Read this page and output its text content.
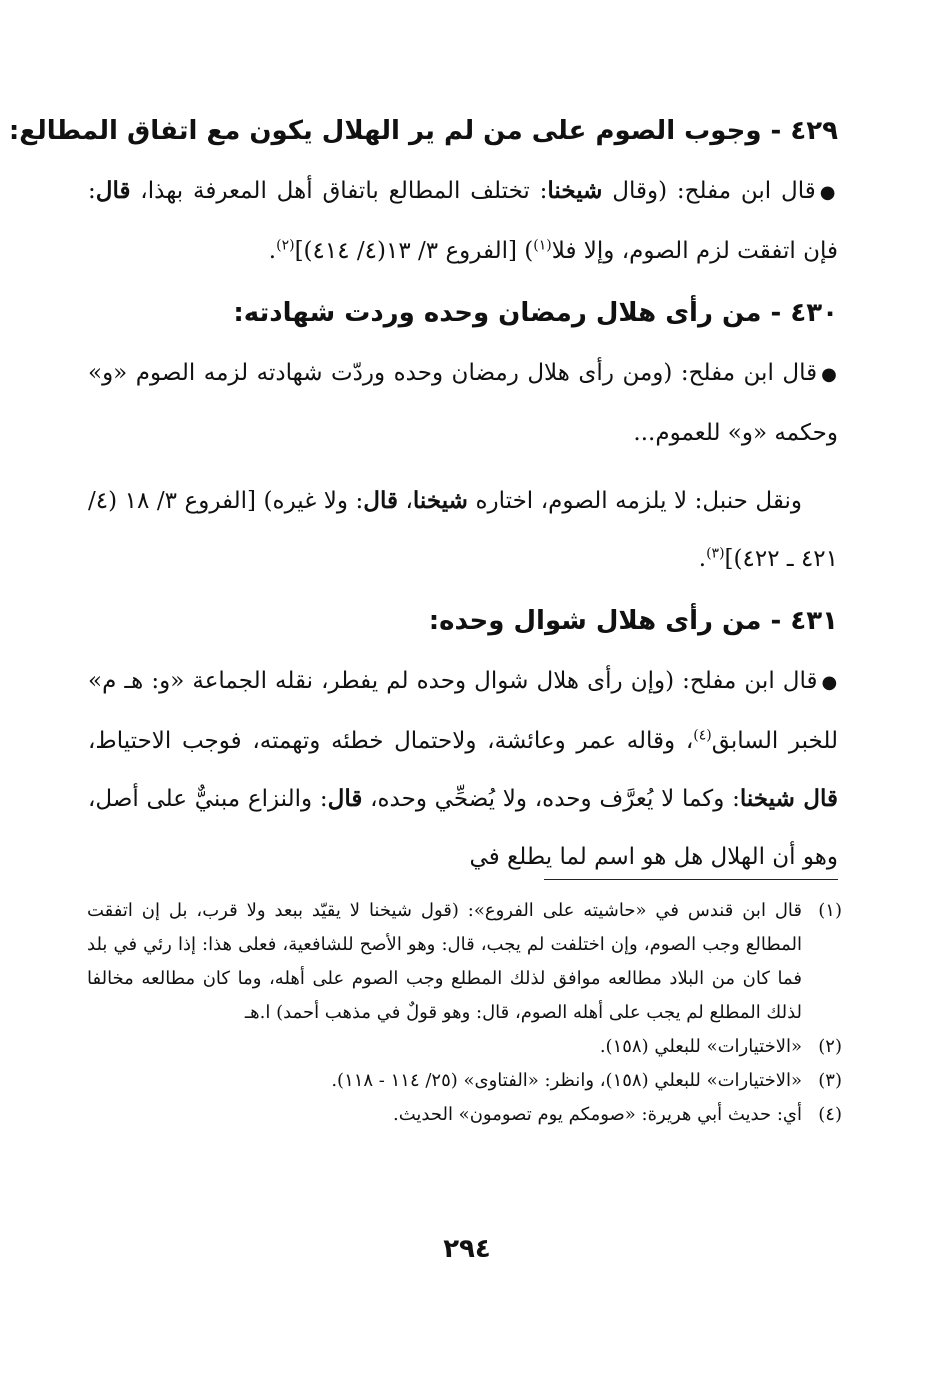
٤٢٩ - وجوب الصوم على من لم ير الهلال يكون مع اتفاق المطالع:

●قال ابن مفلح: (وقال شيخنا: تختلف المطالع باتفاق أهل المعرفة بهذا، قال: فإن اتفقت لزم الصوم، وإلا فلا$^{(١)}$) [الفروع ٣/ ١٣(٤/ ٤١٤)]$^{(٢)}$.

٤٣٠ - من رأى هلال رمضان وحده وردت شهادته:

●قال ابن مفلح: (ومن رأى هلال رمضان وحده وردّت شهادته لزمه الصوم «و» وحكمه «و» للعموم...

ونقل حنبل: لا يلزمه الصوم، اختاره شيخنا، قال: ولا غيره) [الفروع ٣/ ١٨ (٤/ ٤٢١ ـ ٤٢٢)]$^{(٣)}$.

٤٣١ - من رأى هلال شوال وحده:

●قال ابن مفلح: (وإن رأى هلال شوال وحده لم يفطر، نقله الجماعة «و: هـ م» للخبر السابق$^{(٤)}$، وقاله عمر وعائشة، ولاحتمال خطئه وتهمته، فوجب الاحتياط، قال شيخنا: وكما لا يُعرَّف وحده، ولا يُضحِّي وحده، قال: والنزاع مبنيٌّ على أصل، وهو أن الهلال هل هو اسم لما يطلع في

(١)
قال ابن قندس في «حاشيته على الفروع»: (قول شيخنا لا يقيّد ببعد ولا قرب، بل إن اتفقت المطالع وجب الصوم، وإن اختلفت لم يجب، قال: وهو الأصح للشافعية، فعلى هذا: إذا رئي في بلد فما كان من البلاد مطالعه موافق لذلك المطلع وجب الصوم على أهله، وما كان مطالعه مخالفا لذلك المطلع لم يجب على أهله الصوم، قال: وهو قولٌ في مذهب أحمد) ا.هـ

(٢)
«الاختيارات» للبعلي (١٥٨).

(٣)
«الاختيارات» للبعلي (١٥٨)، وانظر: «الفتاوى» (٢٥/ ١١٤ - ١١٨).

(٤)
أي: حديث أبي هريرة: «صومكم يوم تصومون» الحديث.

٢٩٤
